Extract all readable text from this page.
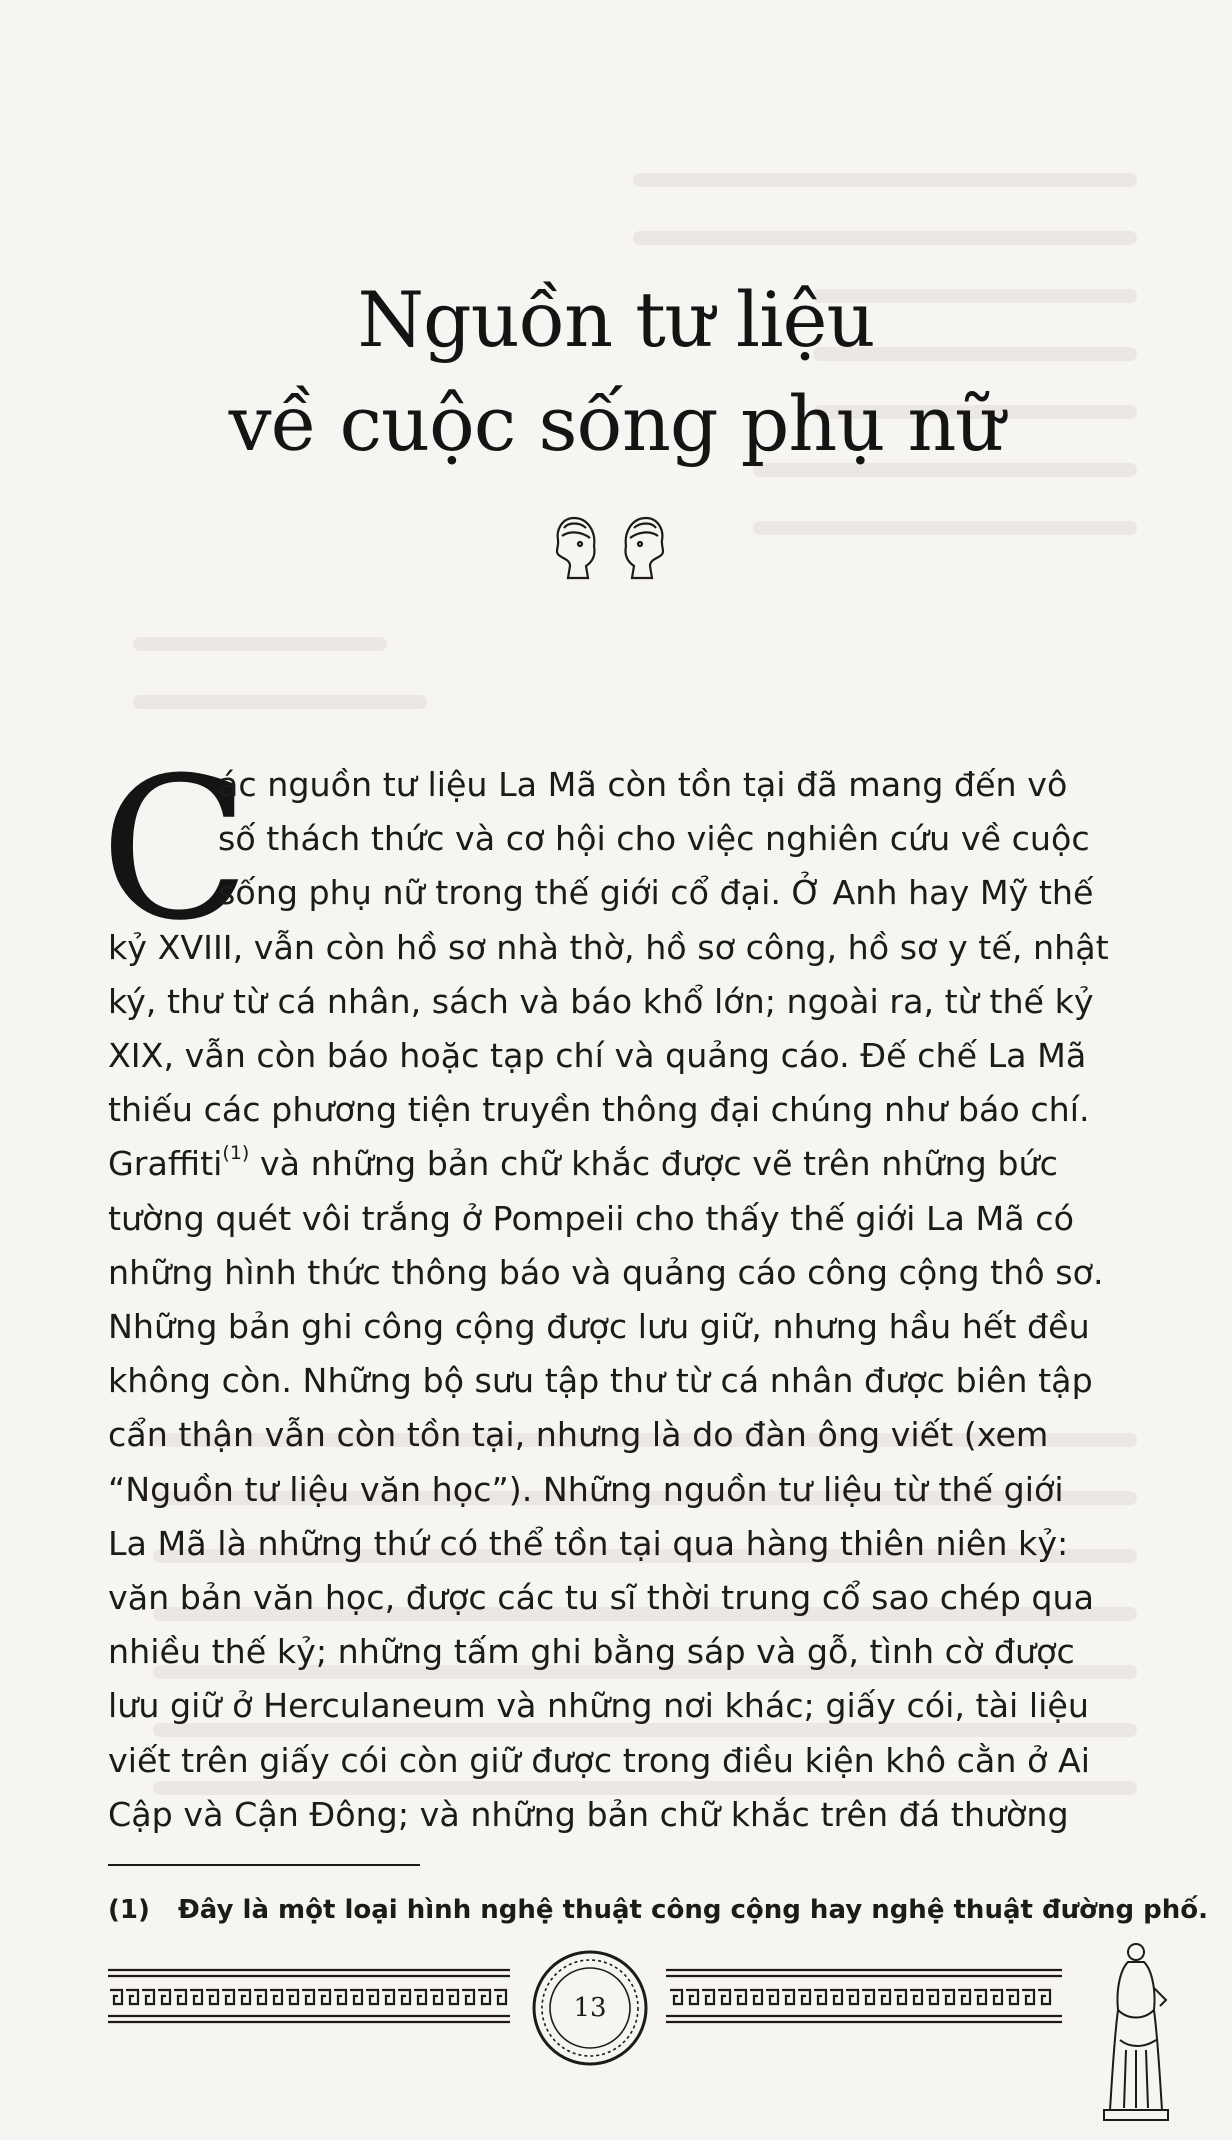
Nguồn tư liệu
về cuộc sống phụ nữ
C
ác nguồn tư liệu La Mã còn tồn tại đã mang đến vô
số thách thức và cơ hội cho việc nghiên cứu về cuộc
sống phụ nữ trong thế giới cổ đại. Ở Anh hay Mỹ thế
kỷ XVIII, vẫn còn hồ sơ nhà thờ, hồ sơ công, hồ sơ y tế, nhật
ký, thư từ cá nhân, sách và báo khổ lớn; ngoài ra, từ thế kỷ
XIX, vẫn còn báo hoặc tạp chí và quảng cáo. Đế chế La Mã
thiếu các phương tiện truyền thông đại chúng như báo chí.
Graffiti$^{(1)}$ và những bản chữ khắc được vẽ trên những bức
tường quét vôi trắng ở Pompeii cho thấy thế giới La Mã có
những hình thức thông báo và quảng cáo công cộng thô sơ.
Những bản ghi công cộng được lưu giữ, nhưng hầu hết đều
không còn. Những bộ sưu tập thư từ cá nhân được biên tập
cẩn thận vẫn còn tồn tại, nhưng là do đàn ông viết (xem
“Nguồn tư liệu văn học”). Những nguồn tư liệu từ thế giới
La Mã là những thứ có thể tồn tại qua hàng thiên niên kỷ:
văn bản văn học, được các tu sĩ thời trung cổ sao chép qua
nhiều thế kỷ; những tấm ghi bằng sáp và gỗ, tình cờ được
lưu giữ ở Herculaneum và những nơi khác; giấy cói, tài liệu
viết trên giấy cói còn giữ được trong điều kiện khô cằn ở Ai
Cập và Cận Đông; và những bản chữ khắc trên đá thường
(1) Đây là một loại hình nghệ thuật công cộng hay nghệ thuật đường phố.
13
